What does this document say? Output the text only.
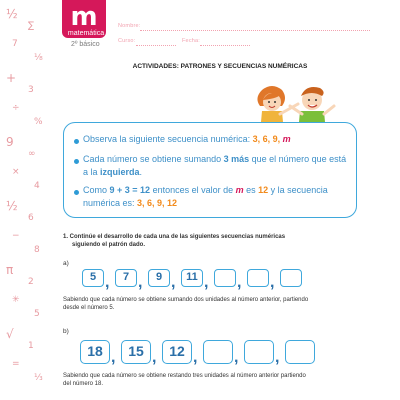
½
∑
7
⅛
+
3
÷
%
9
∞
×
4
½
6
−
8
π
2
✳
5
√
1
=
⅓
m
matemática
2º básico
Nombre:
Curso:	Fecha:
ACTIVIDADES: PATRONES Y SECUENCIAS NUMÉRICAS
Observa la siguiente secuencia numérica: 3, 6, 9, m
Cada número se obtiene sumando 3 más que el número que está
a la izquierda.
Como 9 + 3 = 12 entonces el valor de m es 12 y la secuencia
numérica es: 3, 6, 9, 12
1. Continúe el desarrollo de cada una de las siguientes secuencias numéricas
siguiendo el patrón dado.
a)
5 ,	7 ,	9 , 11 , , ,
Sabiendo que cada número se obtiene sumando dos unidades al número anterior, partiendo
desde el número 5.
b)
18 , 15 , 12 , , ,
Sabiendo que cada número se obtiene restando tres unidades al número anterior partiendo
del número 18.
